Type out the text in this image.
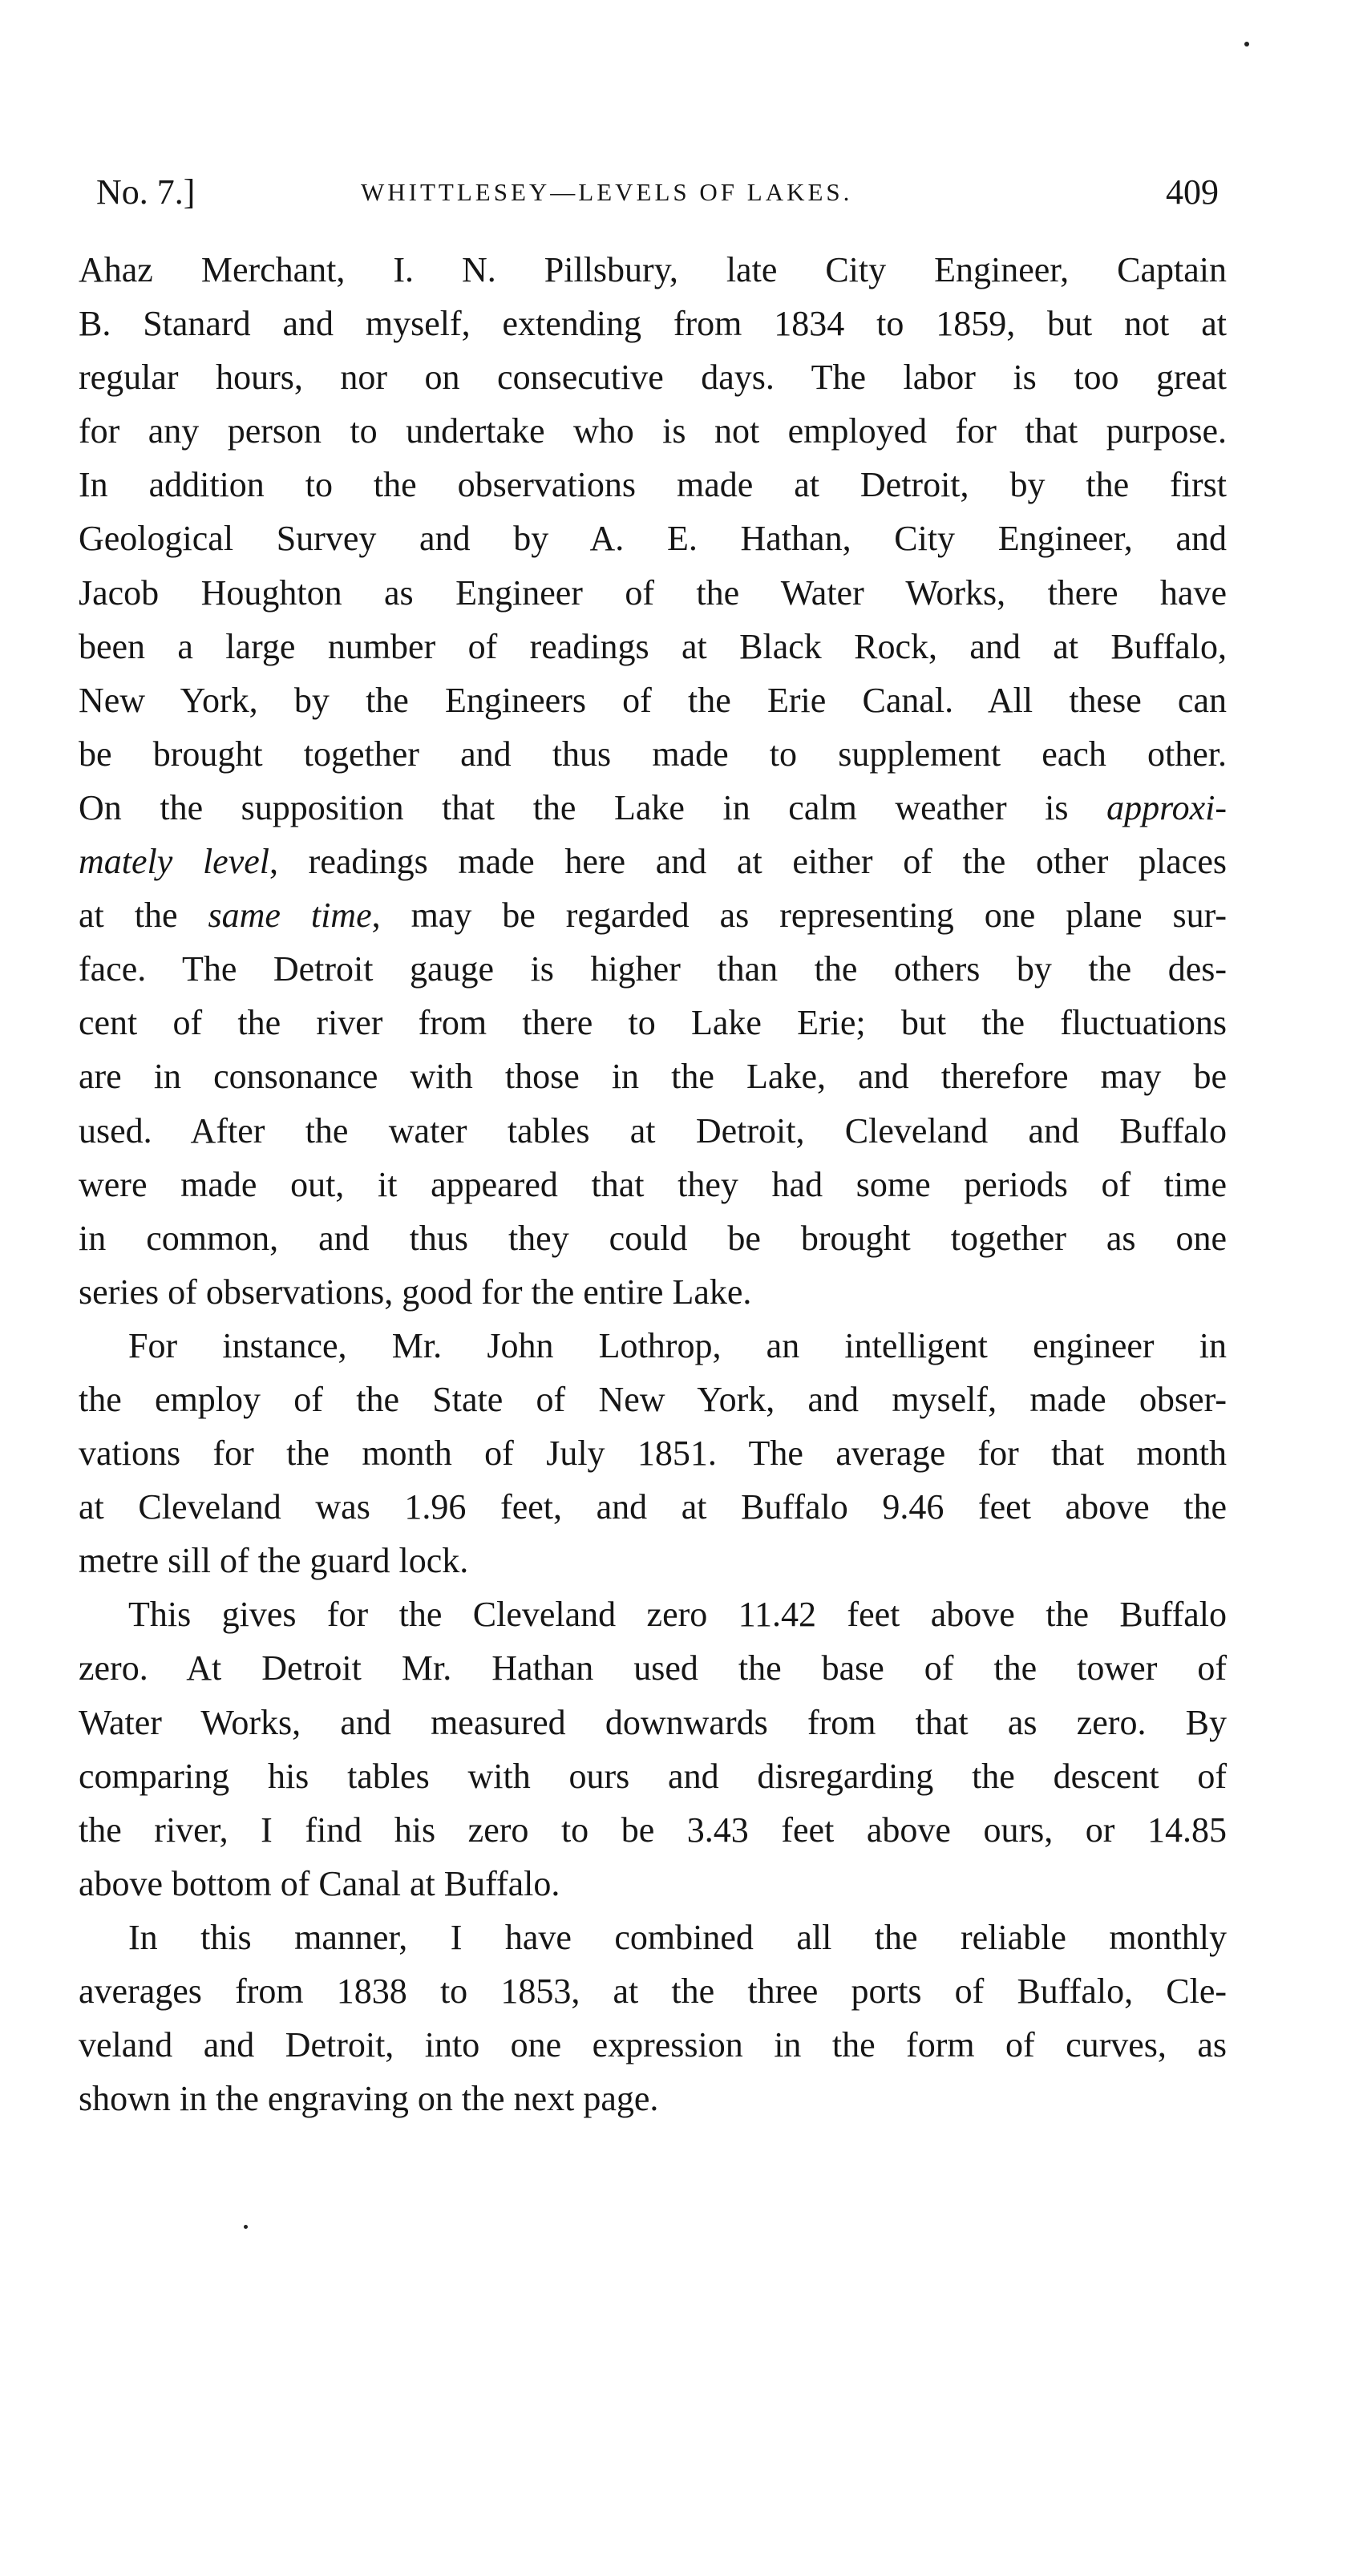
No. 7.]	WHITTLESEY—LEVELS OF LAKES.	409
Ahaz Merchant, I. N. Pillsbury, late City Engineer, Captain
B. Stanard and myself, extending from 1834 to 1859, but not at
regular hours, nor on consecutive days. The labor is too great
for any person to undertake who is not employed for that purpose.
In addition to the observations made at Detroit, by the first
Geological Survey and by A. E. Hathan, City Engineer, and
Jacob Houghton as Engineer of the Water Works, there have
been a large number of readings at Black Rock, and at Buffalo,
New York, by the Engineers of the Erie Canal. All these can
be brought together and thus made to supplement each other.
On the supposition that the Lake in calm weather is approxi-
mately level, readings made here and at either of the other places
at the same time, may be regarded as representing one plane sur-
face. The Detroit gauge is higher than the others by the des-
cent of the river from there to Lake Erie; but the fluctuations
are in consonance with those in the Lake, and therefore may be
used. After the water tables at Detroit, Cleveland and Buffalo
were made out, it appeared that they had some periods of time
in common, and thus they could be brought together as one
series of observations, good for the entire Lake.
For instance, Mr. John Lothrop, an intelligent engineer in
the employ of the State of New York, and myself, made obser-
vations for the month of July 1851. The average for that month
at Cleveland was 1.96 feet, and at Buffalo 9.46 feet above the
metre sill of the guard lock.
This gives for the Cleveland zero 11.42 feet above the Buffalo
zero. At Detroit Mr. Hathan used the base of the tower of
Water Works, and measured downwards from that as zero. By
comparing his tables with ours and disregarding the descent of
the river, I find his zero to be 3.43 feet above ours, or 14.85
above bottom of Canal at Buffalo.
In this manner, I have combined all the reliable monthly
averages from 1838 to 1853, at the three ports of Buffalo, Cle-
veland and Detroit, into one expression in the form of curves, as
shown in the engraving on the next page.
